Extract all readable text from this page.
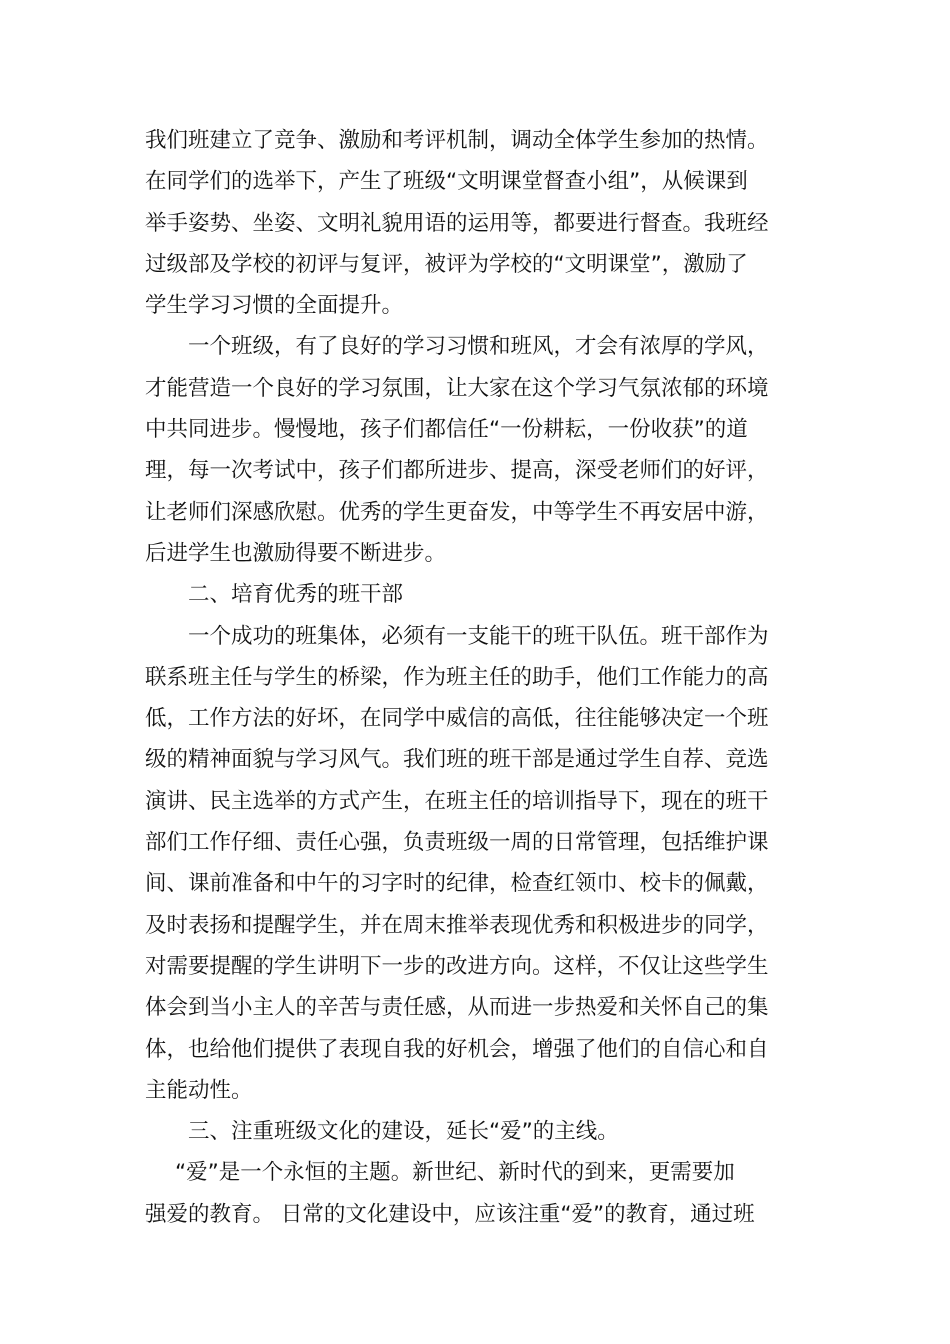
我们班建立了竞争、激励和考评机制，调动全体学生参加的热情。
在同学们的选举下，产生了班级“文明课堂督查小组”，从候课到
举手姿势、坐姿、文明礼貌用语的运用等，都要进行督查。我班经
过级部及学校的初评与复评，被评为学校的“文明课堂”，激励了
学生学习习惯的全面提升。
一个班级，有了良好的学习习惯和班风，才会有浓厚的学风，
才能营造一个良好的学习氛围，让大家在这个学习气氛浓郁的环境
中共同进步。慢慢地，孩子们都信任“一份耕耘，一份收获”的道
理，每一次考试中，孩子们都所进步、提高，深受老师们的好评，
让老师们深感欣慰。优秀的学生更奋发，中等学生不再安居中游，
后进学生也激励得要不断进步。
二、培育优秀的班干部
一个成功的班集体，必须有一支能干的班干队伍。班干部作为
联系班主任与学生的桥梁，作为班主任的助手，他们工作能力的高
低，工作方法的好坏，在同学中威信的高低，往往能够决定一个班
级的精神面貌与学习风气。我们班的班干部是通过学生自荐、竞选
演讲、民主选举的方式产生，在班主任的培训指导下，现在的班干
部们工作仔细、责任心强，负责班级一周的日常管理，包括维护课
间、课前准备和中午的习字时的纪律，检查红领巾、校卡的佩戴，
及时表扬和提醒学生，并在周末推举表现优秀和积极进步的同学，
对需要提醒的学生讲明下一步的改进方向。这样，不仅让这些学生
体会到当小主人的辛苦与责任感，从而进一步热爱和关怀自己的集
体，也给他们提供了表现自我的好机会，增强了他们的自信心和自
主能动性。
三、注重班级文化的建设，延长“爱”的主线。
“爱”是一个永恒的主题。新世纪、新时代的到来，更需要加
强爱的教育。 日常的文化建设中，应该注重“爱”的教育，通过班
